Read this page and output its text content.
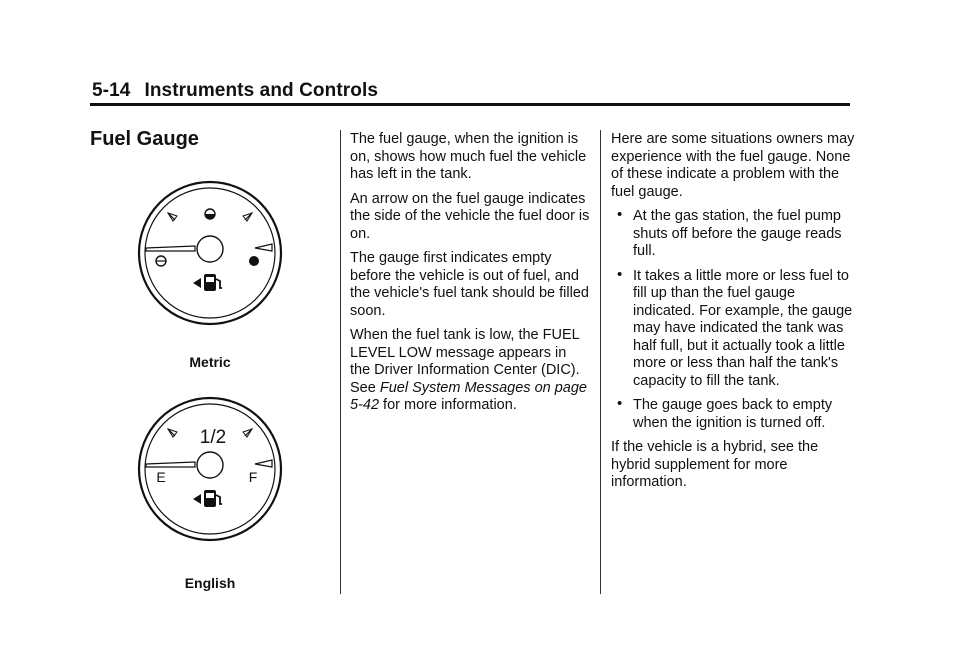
5-14 Instruments and Controls
Fuel Gauge
Metric
1/2
E	F
English

The fuel gauge, when the ignition is on, shows how much fuel the vehicle has left in the tank.

An arrow on the fuel gauge indicates the side of the vehicle the fuel door is on.

The gauge first indicates empty before the vehicle is out of fuel, and the vehicle's fuel tank should be filled soon.

When the fuel tank is low, the FUEL LEVEL LOW message appears in the Driver Information Center (DIC). See Fuel System Messages on page 5-42 for more information.

Here are some situations owners may experience with the fuel gauge. None of these indicate a problem with the fuel gauge.

• At the gas station, the fuel pump shuts off before the gauge reads full.
• It takes a little more or less fuel to fill up than the fuel gauge indicated. For example, the gauge may have indicated the tank was half full, but it actually took a little more or less than half the tank's capacity to fill the tank.
• The gauge goes back to empty when the ignition is turned off.

If the vehicle is a hybrid, see the hybrid supplement for more information.
